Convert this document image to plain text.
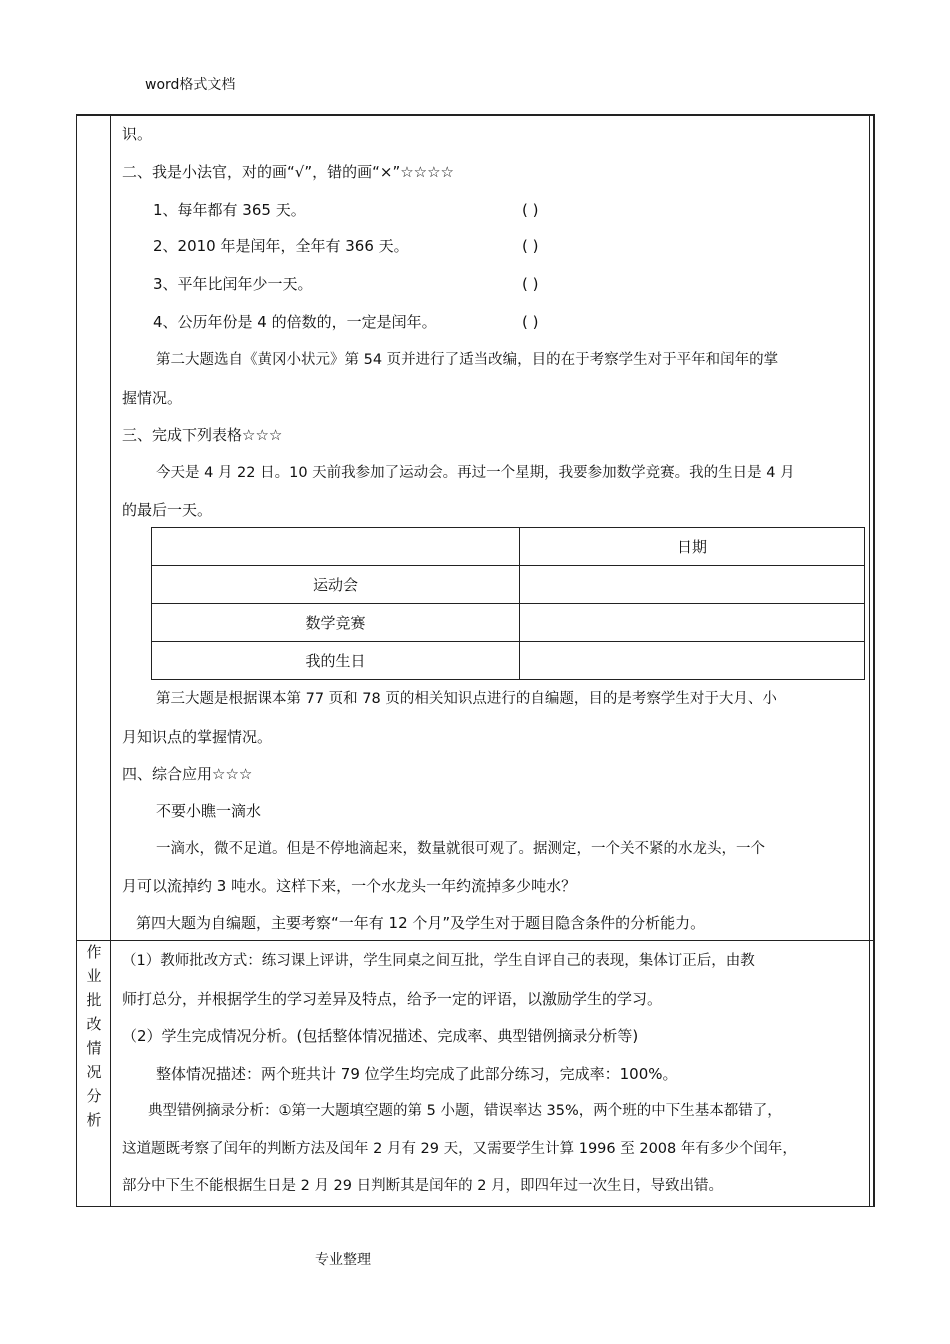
word格式文档
识。
二、我是小法官，对的画“√”，错的画“×”☆☆☆☆
1、每年都有 365 天。	( )
2、2010 年是闰年，全年有 366 天。	( )
3、平年比闰年少一天。	( )
4、公历年份是 4 的倍数的，一定是闰年。	( )
第二大题选自《黄冈小状元》第 54 页并进行了适当改编，目的在于考察学生对于平年和闰年的掌
握情况。
三、完成下列表格☆☆☆
今天是 4 月 22 日。10 天前我参加了运动会。再过一个星期，我要参加数学竞赛。我的生日是 4 月
的最后一天。
	日期
运动会	
数学竞赛	
我的生日	
第三大题是根据课本第 77 页和 78 页的相关知识点进行的自编题，目的是考察学生对于大月、小
月知识点的掌握情况。
四、综合应用☆☆☆
不要小瞧一滴水
一滴水，微不足道。但是不停地滴起来，数量就很可观了。据测定，一个关不紧的水龙头，一个
月可以流掉约 3 吨水。这样下来，一个水龙头一年约流掉多少吨水？
第四大题为自编题，主要考察“一年有 12 个月”及学生对于题目隐含条件的分析能力。
作
业
批
改
情
况
分
析
（1）教师批改方式：练习课上评讲，学生同桌之间互批，学生自评自己的表现，集体订正后，由教
师打总分，并根据学生的学习差异及特点，给予一定的评语，以激励学生的学习。
（2）学生完成情况分析。(包括整体情况描述、完成率、典型错例摘录分析等)
整体情况描述：两个班共计 79 位学生均完成了此部分练习，完成率：100%。
典型错例摘录分析：①第一大题填空题的第 5 小题，错误率达 35%，两个班的中下生基本都错了，
这道题既考察了闰年的判断方法及闰年 2 月有 29 天，又需要学生计算 1996 至 2008 年有多少个闰年，
部分中下生不能根据生日是 2 月 29 日判断其是闰年的 2 月，即四年过一次生日，导致出错。
专业整理
